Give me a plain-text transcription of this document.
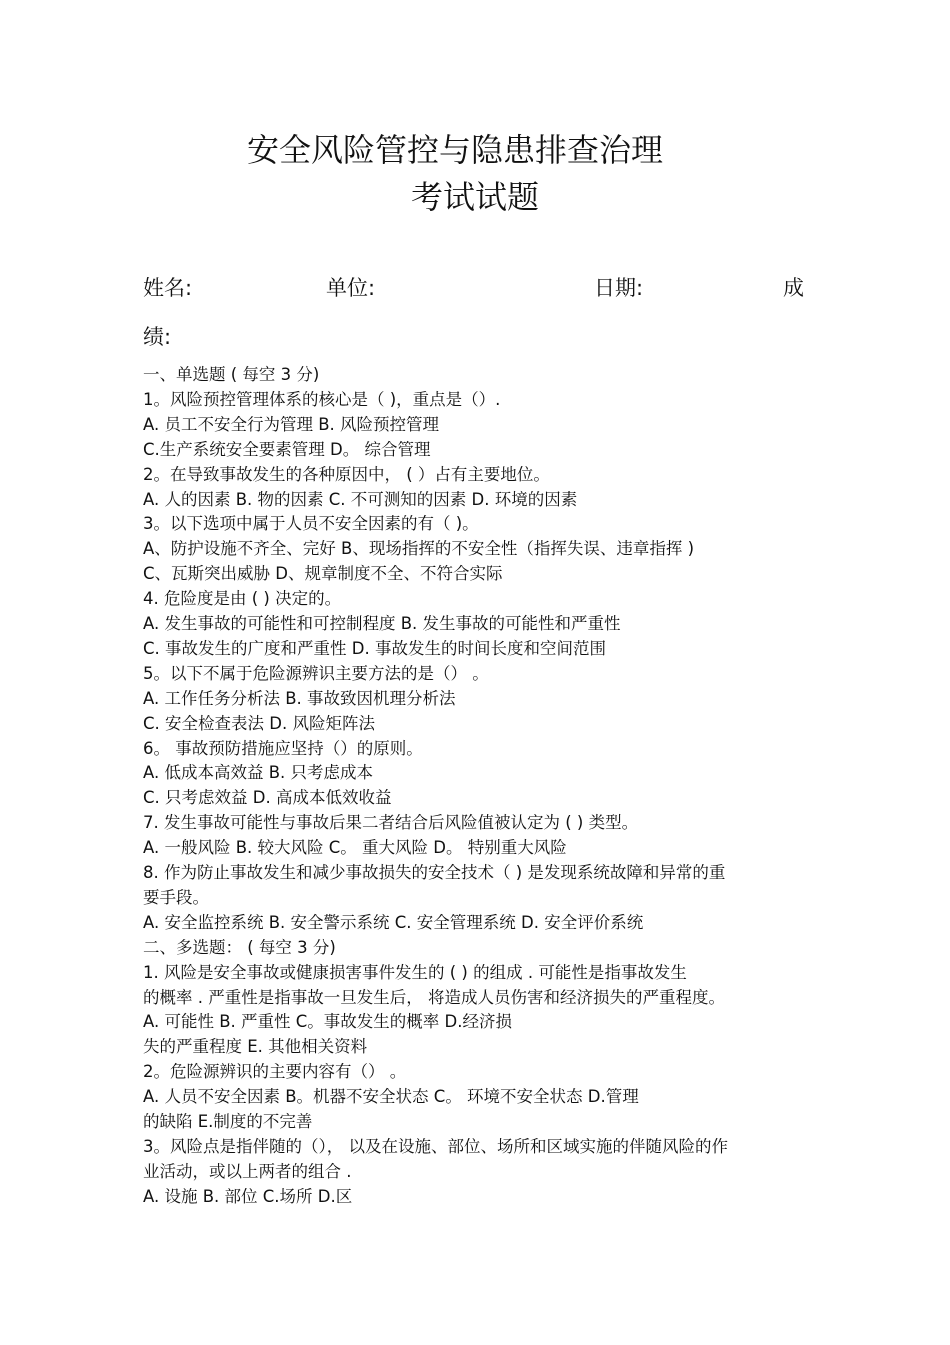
安全风险管控与隐患排查治理
考试试题
姓名:	单位:	日期:	成
绩:
一、单选题 ( 每空 3 分)
1。风险预控管理体系的核心是（ )，重点是（）.
A. 员工不安全行为管理 B. 风险预控管理
C.生产系统安全要素管理 D。 综合管理
2。在导致事故发生的各种原因中， ( ）占有主要地位。
A. 人的因素 B. 物的因素 C. 不可测知的因素 D. 环境的因素
3。以下选项中属于人员不安全因素的有（ )。
A、防护设施不齐全、完好 B、现场指挥的不安全性（指挥失误、违章指挥 )
C、瓦斯突出威胁 D、规章制度不全、不符合实际
4. 危险度是由 ( ) 决定的。
A. 发生事故的可能性和可控制程度 B. 发生事故的可能性和严重性
C. 事故发生的广度和严重性 D. 事故发生的时间长度和空间范围
5。以下不属于危险源辨识主要方法的是（） 。
A. 工作任务分析法 B. 事故致因机理分析法
C. 安全检查表法 D. 风险矩阵法
6。 事故预防措施应坚持（）的原则。
A. 低成本高效益 B. 只考虑成本
C. 只考虑效益 D. 高成本低效收益
7. 发生事故可能性与事故后果二者结合后风险值被认定为 ( ) 类型。
A. 一般风险 B. 较大风险 C。 重大风险 D。 特别重大风险
8. 作为防止事故发生和减少事故损失的安全技术（ ) 是发现系统故障和异常的重
要手段。
A. 安全监控系统 B. 安全警示系统 C. 安全管理系统 D. 安全评价系统
二、多选题： ( 每空 3 分)
1. 风险是安全事故或健康损害事件发生的 ( ) 的组成 . 可能性是指事故发生
的概率 . 严重性是指事故一旦发生后， 将造成人员伤害和经济损失的严重程度。
A. 可能性 B. 严重性 C。事故发生的概率 D.经济损
失的严重程度 E. 其他相关资料
2。危险源辨识的主要内容有（） 。
A. 人员不安全因素 B。机器不安全状态 C。 环境不安全状态 D.管理
的缺陷 E.制度的不完善
3。风险点是指伴随的（）， 以及在设施、部位、场所和区域实施的伴随风险的作
业活动，或以上两者的组合 .
A. 设施 B. 部位 C.场所 D.区
